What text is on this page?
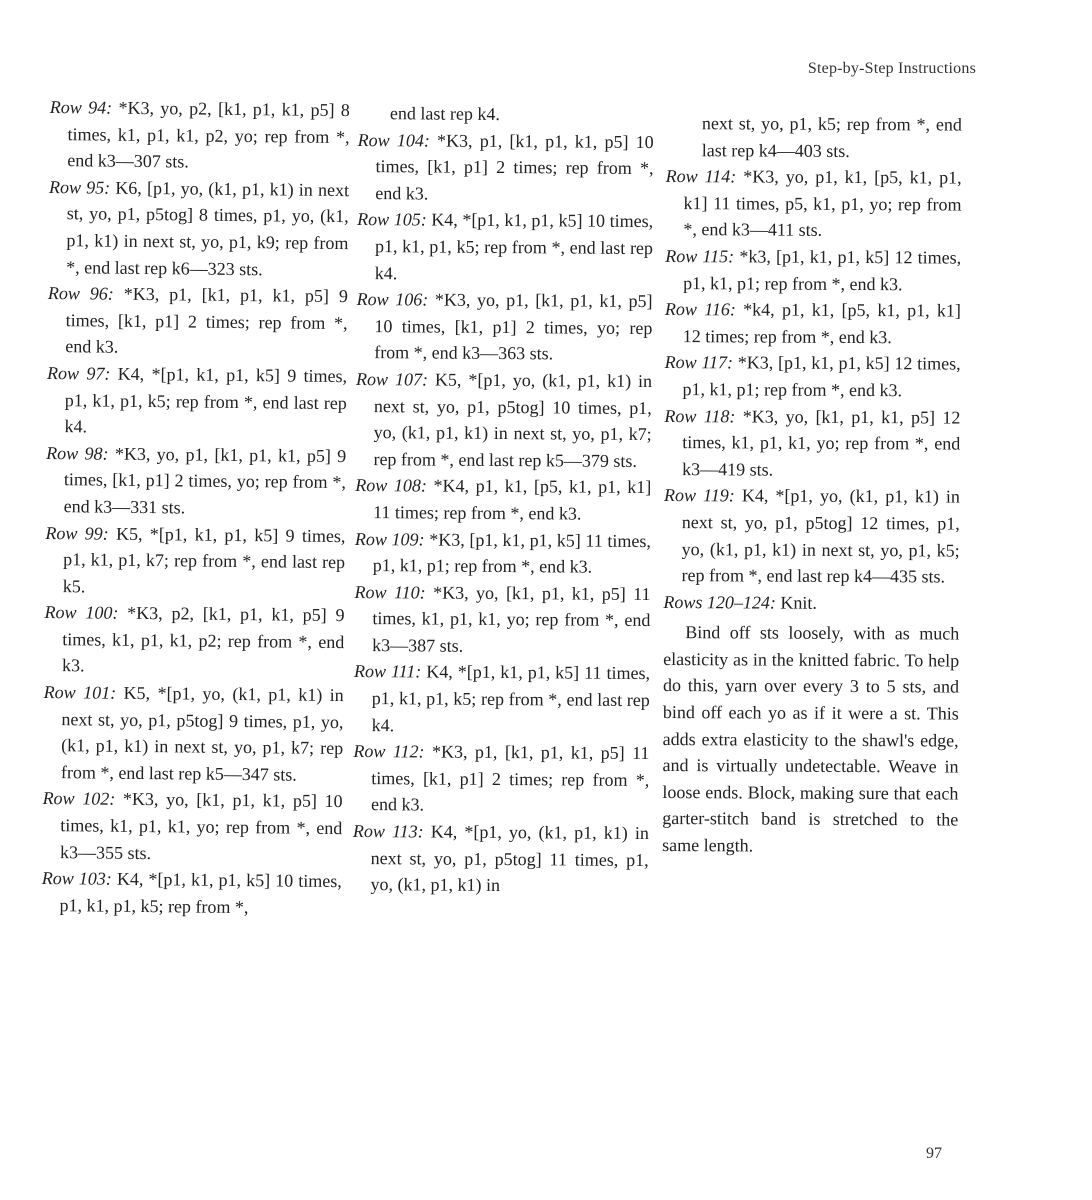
Step-by-Step Instructions

Row 94: *K3, yo, p2, [k1, p1, k1, p5] 8 times, k1, p1, k1, p2, yo; rep from *, end k3—307 sts.

Row 95: K6, [p1, yo, (k1, p1, k1) in next st, yo, p1, p5tog] 8 times, p1, yo, (k1, p1, k1) in next st, yo, p1, k9; rep from *, end last rep k6—323 sts.

Row 96: *K3, p1, [k1, p1, k1, p5] 9 times, [k1, p1] 2 times; rep from *, end k3.

Row 97: K4, *[p1, k1, p1, k5] 9 times, p1, k1, p1, k5; rep from *, end last rep k4.

Row 98: *K3, yo, p1, [k1, p1, k1, p5] 9 times, [k1, p1] 2 times, yo; rep from *, end k3—331 sts.

Row 99: K5, *[p1, k1, p1, k5] 9 times, p1, k1, p1, k7; rep from *, end last rep k5.

Row 100: *K3, p2, [k1, p1, k1, p5] 9 times, k1, p1, k1, p2; rep from *, end k3.

Row 101: K5, *[p1, yo, (k1, p1, k1) in next st, yo, p1, p5tog] 9 times, p1, yo, (k1, p1, k1) in next st, yo, p1, k7; rep from *, end last rep k5—347 sts.

Row 102: *K3, yo, [k1, p1, k1, p5] 10 times, k1, p1, k1, yo; rep from *, end k3—355 sts.

Row 103: K4, *[p1, k1, p1, k5] 10 times, p1, k1, p1, k5; rep from *,

end last rep k4.

Row 104: *K3, p1, [k1, p1, k1, p5] 10 times, [k1, p1] 2 times; rep from *, end k3.

Row 105: K4, *[p1, k1, p1, k5] 10 times, p1, k1, p1, k5; rep from *, end last rep k4.

Row 106: *K3, yo, p1, [k1, p1, k1, p5] 10 times, [k1, p1] 2 times, yo; rep from *, end k3—363 sts.

Row 107: K5, *[p1, yo, (k1, p1, k1) in next st, yo, p1, p5tog] 10 times, p1, yo, (k1, p1, k1) in next st, yo, p1, k7; rep from *, end last rep k5—379 sts.

Row 108: *K4, p1, k1, [p5, k1, p1, k1] 11 times; rep from *, end k3.

Row 109: *K3, [p1, k1, p1, k5] 11 times, p1, k1, p1; rep from *, end k3.

Row 110: *K3, yo, [k1, p1, k1, p5] 11 times, k1, p1, k1, yo; rep from *, end k3—387 sts.

Row 111: K4, *[p1, k1, p1, k5] 11 times, p1, k1, p1, k5; rep from *, end last rep k4.

Row 112: *K3, p1, [k1, p1, k1, p5] 11 times, [k1, p1] 2 times; rep from *, end k3.

Row 113: K4, *[p1, yo, (k1, p1, k1) in next st, yo, p1, p5tog] 11 times, p1, yo, (k1, p1, k1) in

next st, yo, p1, k5; rep from *, end last rep k4—403 sts.

Row 114: *K3, yo, p1, k1, [p5, k1, p1, k1] 11 times, p5, k1, p1, yo; rep from *, end k3—411 sts.

Row 115: *k3, [p1, k1, p1, k5] 12 times, p1, k1, p1; rep from *, end k3.

Row 116: *k4, p1, k1, [p5, k1, p1, k1] 12 times; rep from *, end k3.

Row 117: *K3, [p1, k1, p1, k5] 12 times, p1, k1, p1; rep from *, end k3.

Row 118: *K3, yo, [k1, p1, k1, p5] 12 times, k1, p1, k1, yo; rep from *, end k3—419 sts.

Row 119: K4, *[p1, yo, (k1, p1, k1) in next st, yo, p1, p5tog] 12 times, p1, yo, (k1, p1, k1) in next st, yo, p1, k5; rep from *, end last rep k4—435 sts.

Rows 120–124: Knit.

Bind off sts loosely, with as much elasticity as in the knitted fabric. To help do this, yarn over every 3 to 5 sts, and bind off each yo as if it were a st. This adds extra elasticity to the shawl's edge, and is virtually undetectable. Weave in loose ends. Block, making sure that each garter-stitch band is stretched to the same length.

97
